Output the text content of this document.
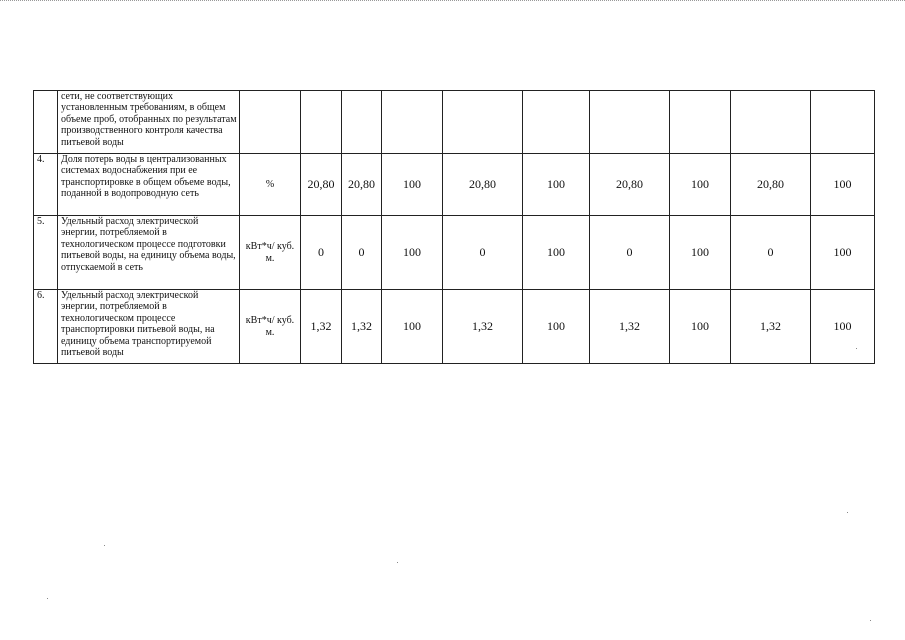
	сети, не соответствующих установленным требованиям, в общем объеме проб, отобранных по результатам производственного контроля качества питьевой воды										
4.	Доля потерь воды в централизованных системах водоснабжения при ее транспортировке в общем объеме воды, поданной в водопроводную сеть	%	20,80	20,80	100	20,80	100	20,80	100	20,80	100
5.	Удельный расход электрической энергии, потребляемой в технологическом процессе подготовки питьевой воды, на единицу объема воды, отпускаемой в сеть	кВт*ч/ куб. м.	0	0	100	0	100	0	100	0	100
6.	Удельный расход электрической энергии, потребляемой в технологическом процессе транспортировки питьевой воды, на единицу объема транспортируемой питьевой воды	кВт*ч/ куб. м.	1,32	1,32	100	1,32	100	1,32	100	1,32	100
